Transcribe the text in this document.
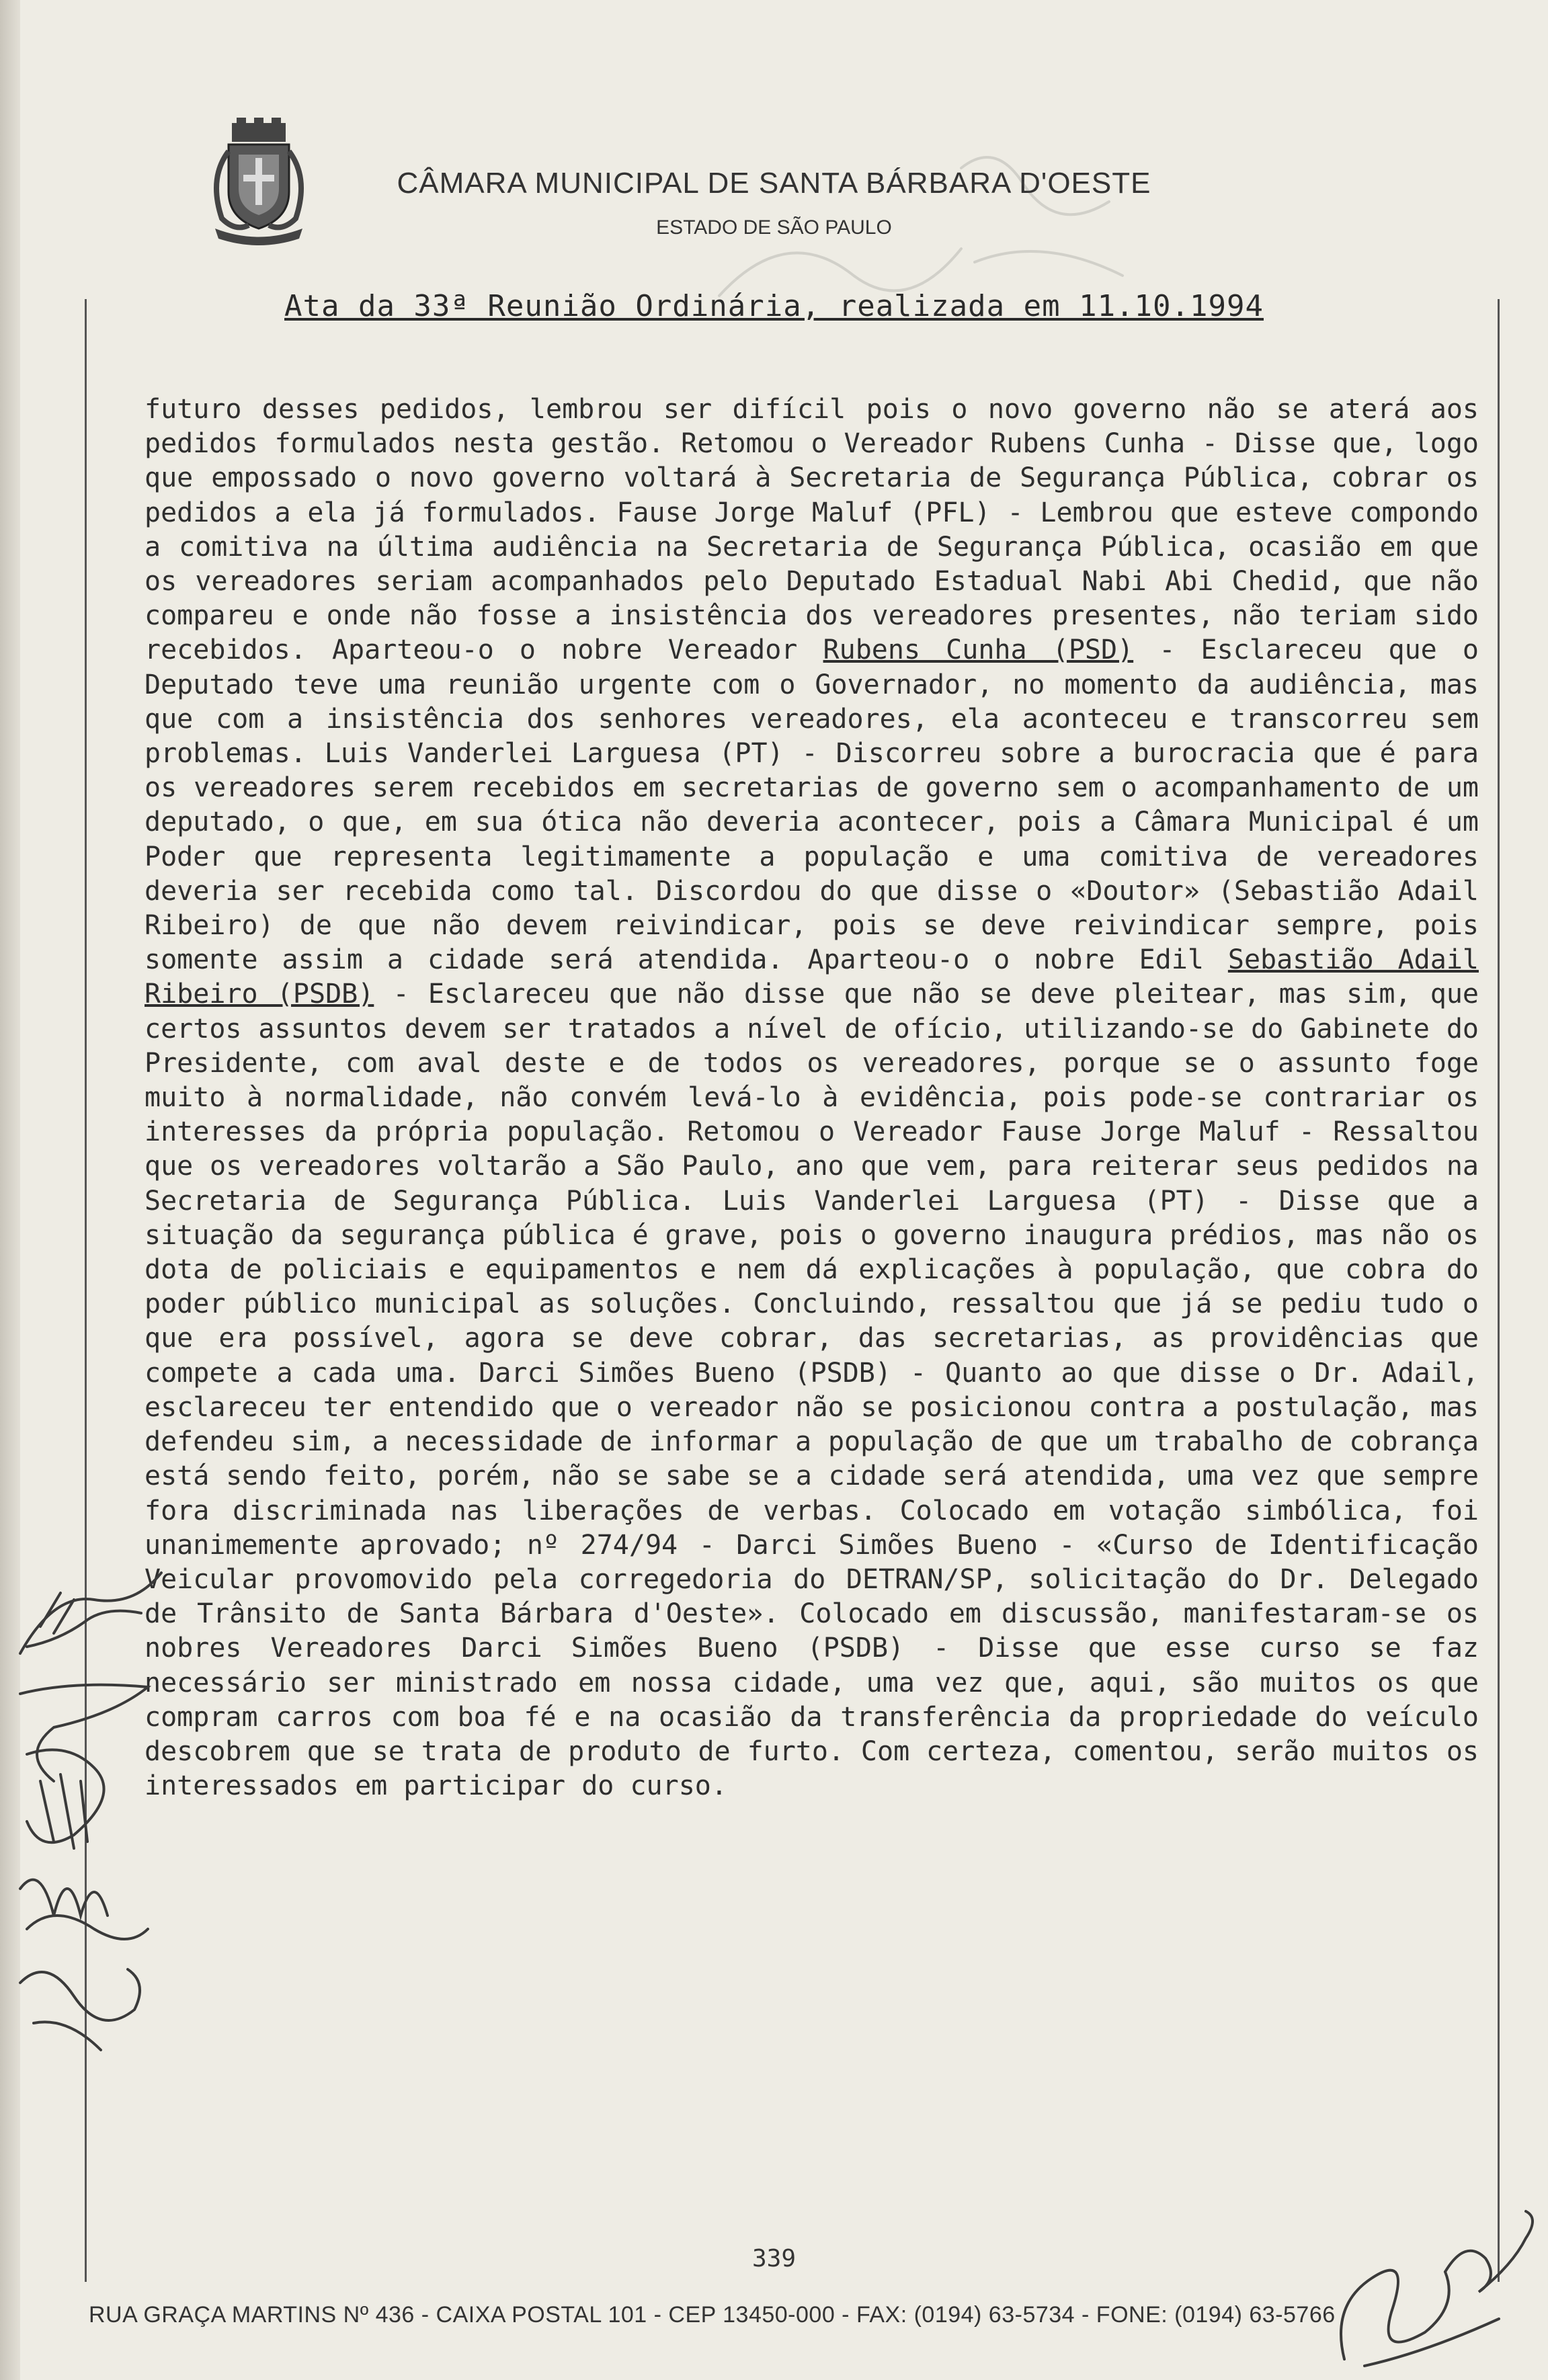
CÂMARA MUNICIPAL DE SANTA BÁRBARA D'OESTE
ESTADO DE SÃO PAULO
Ata da 33ª Reunião Ordinária, realizada em 11.10.1994
futuro desses pedidos, lembrou ser difícil pois o novo governo não se aterá aos pedidos formulados nesta gestão. Retomou o Vereador Rubens Cunha - Disse que, logo que empossado o novo governo voltará à Secretaria de Segurança Pública, cobrar os pedidos a ela já formulados. Fause Jorge Maluf (PFL) - Lembrou que esteve compondo a comitiva na última audiência na Secretaria de Segurança Pública, ocasião em que os vereadores seriam acompanhados pelo Deputado Estadual Nabi Abi Chedid, que não compareu e onde não fosse a insistência dos vereadores presentes, não teriam sido recebidos. Aparteou-o o nobre Vereador Rubens Cunha (PSD) - Esclareceu que o Deputado teve uma reunião urgente com o Governador, no momento da audiência, mas que com a insistência dos senhores vereadores, ela aconteceu e transcorreu sem problemas. Luis Vanderlei Larguesa (PT) - Discorreu sobre a burocracia que é para os vereadores serem recebidos em secretarias de governo sem o acompanhamento de um deputado, o que, em sua ótica não deveria acontecer, pois a Câmara Municipal é um Poder que representa legitimamente a população e uma comitiva de vereadores deveria ser recebida como tal. Discordou do que disse o «Doutor» (Sebastião Adail Ribeiro) de que não devem reivindicar, pois se deve reivindicar sempre, pois somente assim a cidade será atendida. Aparteou-o o nobre Edil Sebastião Adail Ribeiro (PSDB) - Esclareceu que não disse que não se deve pleitear, mas sim, que certos assuntos devem ser tratados a nível de ofício, utilizando-se do Gabinete do Presidente, com aval deste e de todos os vereadores, porque se o assunto foge muito à normalidade, não convém levá-lo à evidência, pois pode-se contrariar os interesses da própria população. Retomou o Vereador Fause Jorge Maluf - Ressaltou que os vereadores voltarão a São Paulo, ano que vem, para reiterar seus pedidos na Secretaria de Segurança Pública. Luis Vanderlei Larguesa (PT) - Disse que a situação da segurança pública é grave, pois o governo inaugura prédios, mas não os dota de policiais e equipamentos e nem dá explicações à população, que cobra do poder público municipal as soluções. Concluindo, ressaltou que já se pediu tudo o que era possível, agora se deve cobrar, das secretarias, as providências que compete a cada uma. Darci Simões Bueno (PSDB) - Quanto ao que disse o Dr. Adail, esclareceu ter entendido que o vereador não se posicionou contra a postulação, mas defendeu sim, a necessidade de informar a população de que um trabalho de cobrança está sendo feito, porém, não se sabe se a cidade será atendida, uma vez que sempre fora discriminada nas liberações de verbas. Colocado em votação simbólica, foi unanimemente aprovado; nº 274/94 - Darci Simões Bueno - «Curso de Identificação Veicular provomovido pela corregedoria do DETRAN/SP, solicitação do Dr. Delegado de Trânsito de Santa Bárbara d'Oeste». Colocado em discussão, manifestaram-se os nobres Vereadores Darci Simões Bueno (PSDB) - Disse que esse curso se faz necessário ser ministrado em nossa cidade, uma vez que, aqui, são muitos os que compram carros com boa fé e na ocasião da transferência da propriedade do veículo descobrem que se trata de produto de furto. Com certeza, comentou, serão muitos os interessados em participar do curso.
339
RUA GRAÇA MARTINS Nº 436 - CAIXA POSTAL 101 - CEP 13450-000 - FAX: (0194) 63-5734 - FONE: (0194) 63-5766
